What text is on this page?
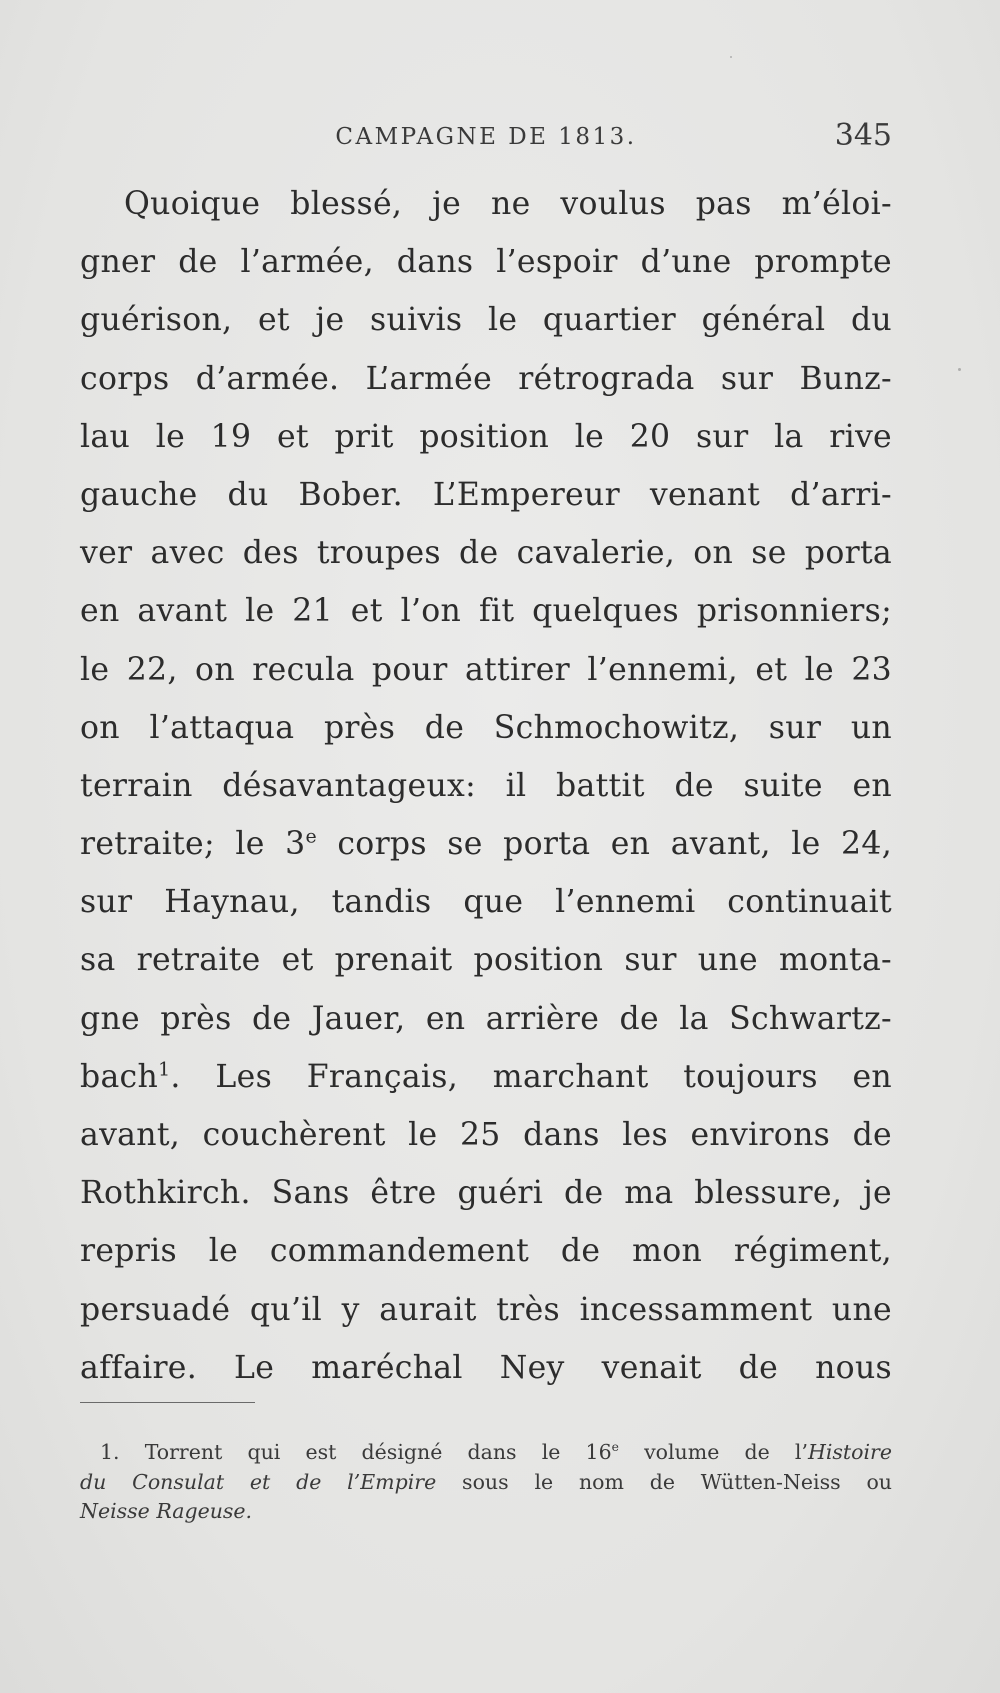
CAMPAGNE DE 1813.	345
Quoique blessé, je ne voulus pas m’éloi-
gner de l’armée, dans l’espoir d’une prompte
guérison, et je suivis le quartier général du
corps d’armée. L’armée rétrograda sur Bunz-
lau le 19 et prit position le 20 sur la rive
gauche du Bober. L’Empereur venant d’arri-
ver avec des troupes de cavalerie, on se porta
en avant le 21 et l’on fit quelques prisonniers;
le 22, on recula pour attirer l’ennemi, et le 23
on l’attaqua près de Schmochowitz, sur un
terrain désavantageux: il battit de suite en
retraite; le 3e corps se porta en avant, le 24,
sur Haynau, tandis que l’ennemi continuait
sa retraite et prenait position sur une monta-
gne près de Jauer, en arrière de la Schwartz-
bach$^1$. Les Français, marchant toujours en
avant, couchèrent le 25 dans les environs de
Rothkirch. Sans être guéri de ma blessure, je
repris le commandement de mon régiment,
persuadé qu’il y aurait très incessamment une
affaire. Le maréchal Ney venait de nous
1. Torrent qui est désigné dans le 16e volume de l’Histoire
du Consulat et de l’Empire sous le nom de Wütten-Neiss ou
Neisse Rageuse.
